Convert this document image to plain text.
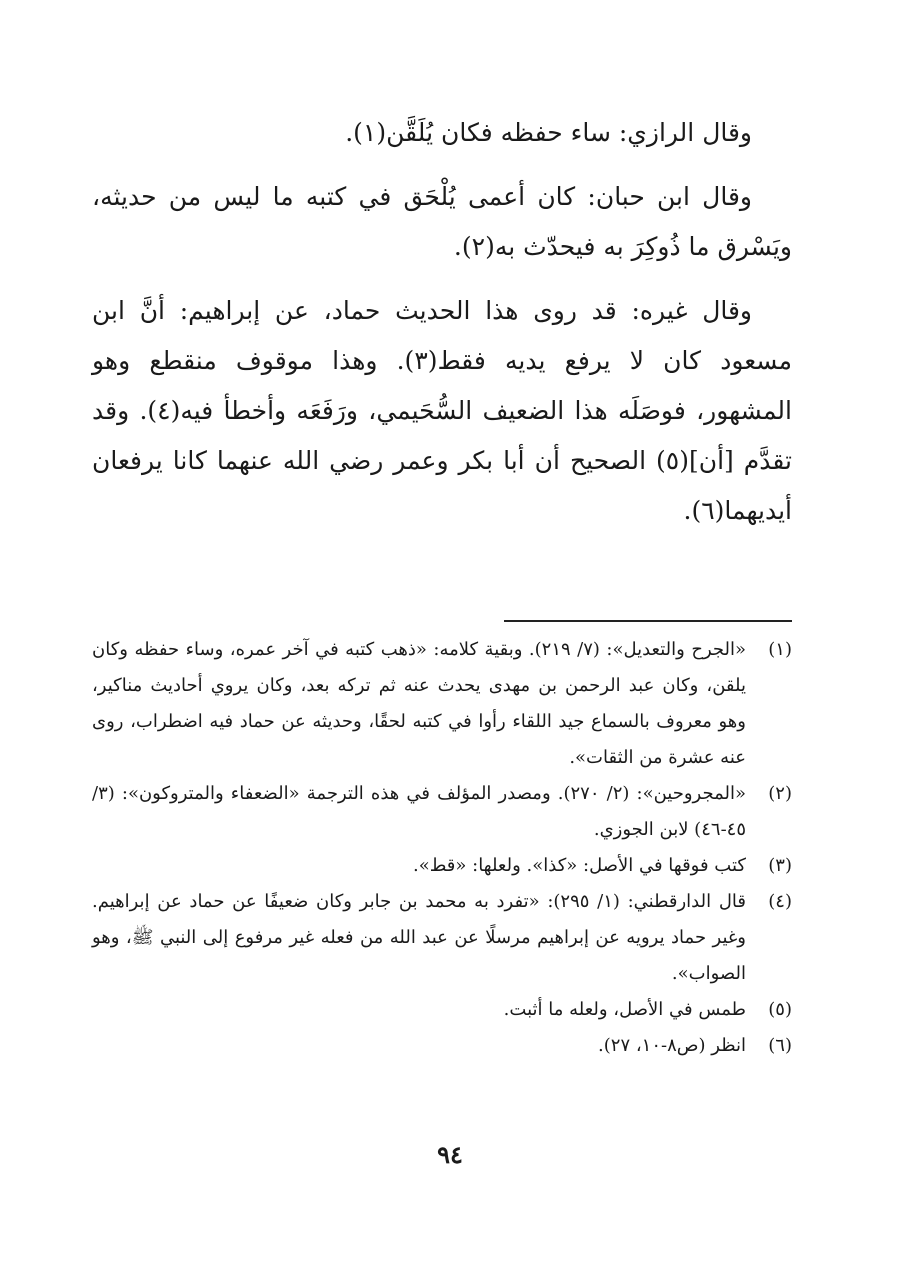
وقال الرازي: ساء حفظه فكان يُلَقَّن(١).

وقال ابن حبان: كان أعمى يُلْحَق في كتبه ما ليس من حديثه، ويَسْرق ما ذُوكِرَ به فيحدّث به(٢).

وقال غيره: قد روى هذا الحديث حماد، عن إبراهيم: أنَّ ابن مسعود كان لا يرفع يديه فقط(٣). وهذا موقوف منقطع وهو المشهور، فوصَلَه هذا الضعيف السُّحَيمي، ورَفَعَه وأخطأ فيه(٤). وقد تقدَّم [أن](٥) الصحيح أن أبا بكر وعمر رضي الله عنهما كانا يرفعان أيديهما(٦).

(١)
«الجرح والتعديل»: (٧/ ٢١٩). وبقية كلامه: «ذهب كتبه في آخر عمره، وساء حفظه وكان يلقن، وكان عبد الرحمن بن مهدى يحدث عنه ثم تركه بعد، وكان يروي أحاديث مناكير، وهو معروف بالسماع جيد اللقاء رأوا في كتبه لحقًا، وحديثه عن حماد فيه اضطراب، روى عنه عشرة من الثقات».
(٢)
«المجروحين»: (٢/ ٢٧٠). ومصدر المؤلف في هذه الترجمة «الضعفاء والمتروكون»: (٣/ ٤٥-٤٦) لابن الجوزي.
(٣)
كتب فوقها في الأصل: «كذا». ولعلها: «قط».
(٤)
قال الدارقطني: (١/ ٢٩٥): «تفرد به محمد بن جابر وكان ضعيفًا عن حماد عن إبراهيم. وغير حماد يرويه عن إبراهيم مرسلًا عن عبد الله من فعله غير مرفوع إلى النبي ﷺ، وهو الصواب».
(٥)
طمس في الأصل، ولعله ما أثبت.
(٦)
انظر (ص٨-١٠، ٢٧).
٩٤
